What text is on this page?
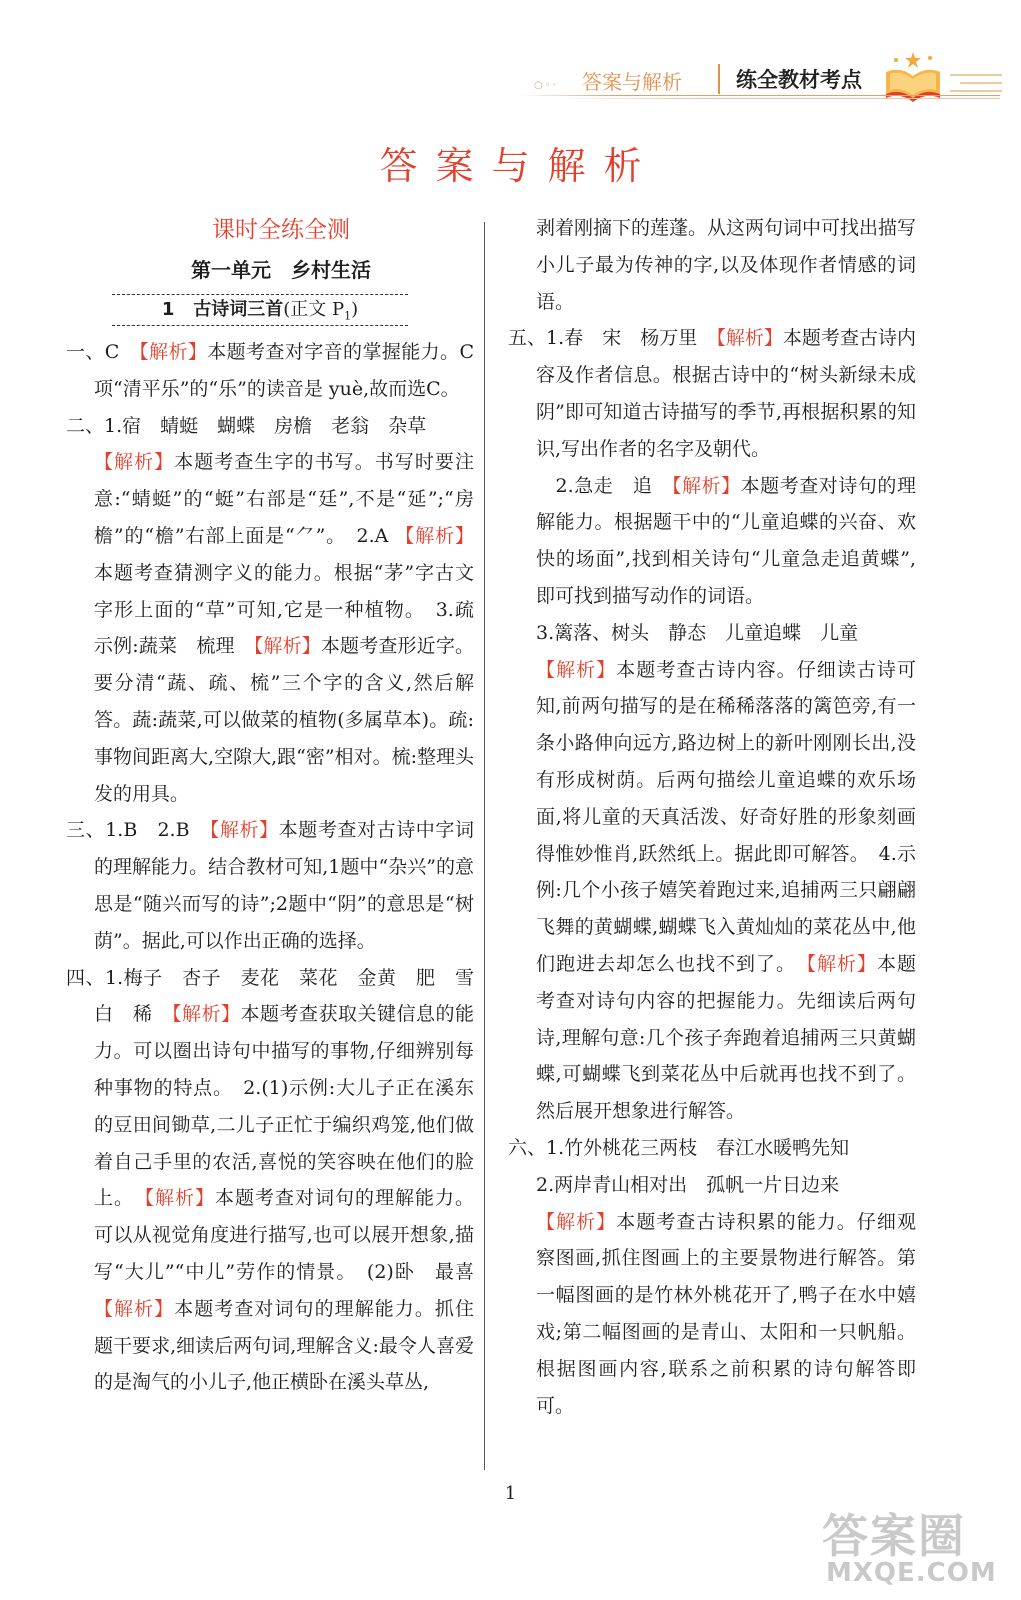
○◦· 答案与解析	练全教材考点
答案与解析
课时全练全测
第一单元　乡村生活
1 古诗词三首(正文 $P_1$)
一、C　【解析】本题考查对字音的掌握能力。C项“清平乐”的“乐”的读音是 yuè,故而选C。
二、1.宿　蜻蜓　蝴蝶　房檐　老翁　杂草
【解析】本题考查生字的书写。书写时要注意:“蜻蜓”的“蜓”右部是“廷”,不是“延”;“房檐”的“檐”右部上面是“⺈”。　2.A 【解析】本题考查猜测字义的能力。根据“茅”字古文字形上面的“草”可知,它是一种植物。　3.疏　示例:蔬菜　梳理　【解析】本题考查形近字。要分清“蔬、疏、梳”三个字的含义,然后解答。蔬:蔬菜,可以做菜的植物(多属草本)。疏:事物间距离大,空隙大,跟“密”相对。梳:整理头发的用具。
三、1.B　2.B　【解析】本题考查对古诗中字词的理解能力。结合教材可知,1题中“杂兴”的意思是“随兴而写的诗”;2题中“阴”的意思是“树荫”。据此,可以作出正确的选择。
四、1.梅子　杏子　麦花　菜花　金黄　肥　雪白　稀　【解析】本题考查获取关键信息的能力。可以圈出诗句中描写的事物,仔细辨别每种事物的特点。　2.(1)示例:大儿子正在溪东的豆田间锄草,二儿子正忙于编织鸡笼,他们做着自己手里的农活,喜悦的笑容映在他们的脸上。　【解析】本题考查对词句的理解能力。可以从视觉角度进行描写,也可以展开想象,描写“大儿”“中儿”劳作的情景。　(2)卧　最喜　【解析】本题考查对词句的理解能力。抓住题干要求,细读后两句词,理解含义:最令人喜爱的是淘气的小儿子,他正横卧在溪头草丛,
剥着刚摘下的莲蓬。从这两句词中可找出描写小儿子最为传神的字,以及体现作者情感的词语。
五、1.春　宋　杨万里　【解析】本题考查古诗内容及作者信息。根据古诗中的“树头新绿未成阴”即可知道古诗描写的季节,再根据积累的知识,写出作者的名字及朝代。
　2.急走　追　【解析】本题考查对诗句的理解能力。根据题干中的“儿童追蝶的兴奋、欢快的场面”,找到相关诗句“儿童急走追黄蝶”,即可找到描写动作的词语。
3.篱落、树头　静态　儿童追蝶　儿童
【解析】本题考查古诗内容。仔细读古诗可知,前两句描写的是在稀稀落落的篱笆旁,有一条小路伸向远方,路边树上的新叶刚刚长出,没有形成树荫。后两句描绘儿童追蝶的欢乐场面,将儿童的天真活泼、好奇好胜的形象刻画得惟妙惟肖,跃然纸上。据此即可解答。　4.示例:几个小孩子嬉笑着跑过来,追捕两三只翩翩飞舞的黄蝴蝶,蝴蝶飞入黄灿灿的菜花丛中,他们跑进去却怎么也找不到了。　【解析】本题考查对诗句内容的把握能力。先细读后两句诗,理解句意:几个孩子奔跑着追捕两三只黄蝴蝶,可蝴蝶飞到菜花丛中后就再也找不到了。然后展开想象进行解答。
六、1.竹外桃花三两枝　春江水暖鸭先知
2.两岸青山相对出　孤帆一片日边来
【解析】本题考查古诗积累的能力。仔细观察图画,抓住图画上的主要景物进行解答。第一幅图画的是竹林外桃花开了,鸭子在水中嬉戏;第二幅图画的是青山、太阳和一只帆船。根据图画内容,联系之前积累的诗句解答即可。
1
答案圈
MXQE.COM
